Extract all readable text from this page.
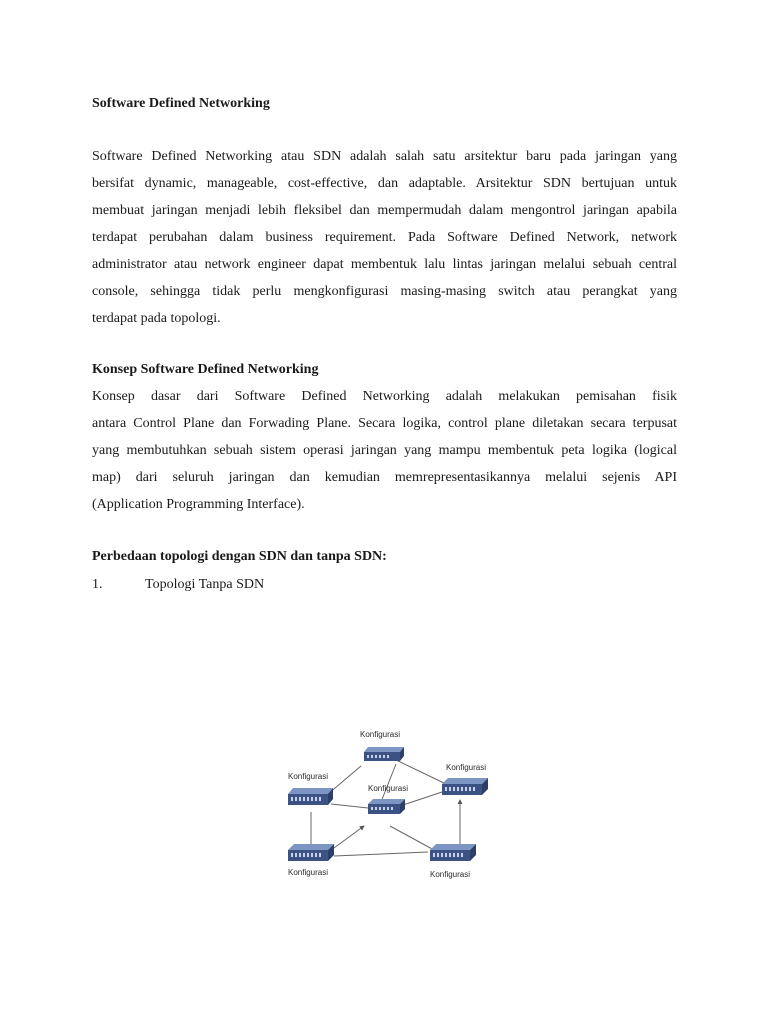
Software Defined Networking
Software Defined Networking atau SDN adalah salah satu arsitektur baru pada jaringan yang
bersifat dynamic, manageable, cost-effective, dan adaptable. Arsitektur SDN bertujuan untuk
membuat jaringan menjadi lebih fleksibel dan mempermudah dalam mengontrol jaringan apabila
terdapat perubahan dalam business requirement. Pada Software Defined Network, network
administrator atau network engineer dapat membentuk lalu lintas jaringan melalui sebuah central
console, sehingga tidak perlu mengkonfigurasi masing-masing switch atau perangkat yang
terdapat pada topologi.
Konsep Software Defined Networking
Konsep dasar dari Software Defined Networking adalah melakukan pemisahan fisik
antara Control Plane dan Forwading Plane. Secara logika, control plane diletakan secara terpusat
yang membutuhkan sebuah sistem operasi jaringan yang mampu membentuk peta logika (logical
map) dari seluruh jaringan dan kemudian memrepresentasikannya melalui sejenis API
(Application Programming Interface).
Perbedaan topologi dengan SDN dan tanpa SDN:
1.	Topologi Tanpa SDN
Konfigurasi
Konfigurasi
Konfigurasi
Konfigurasi
Konfigurasi	Konfigurasi
